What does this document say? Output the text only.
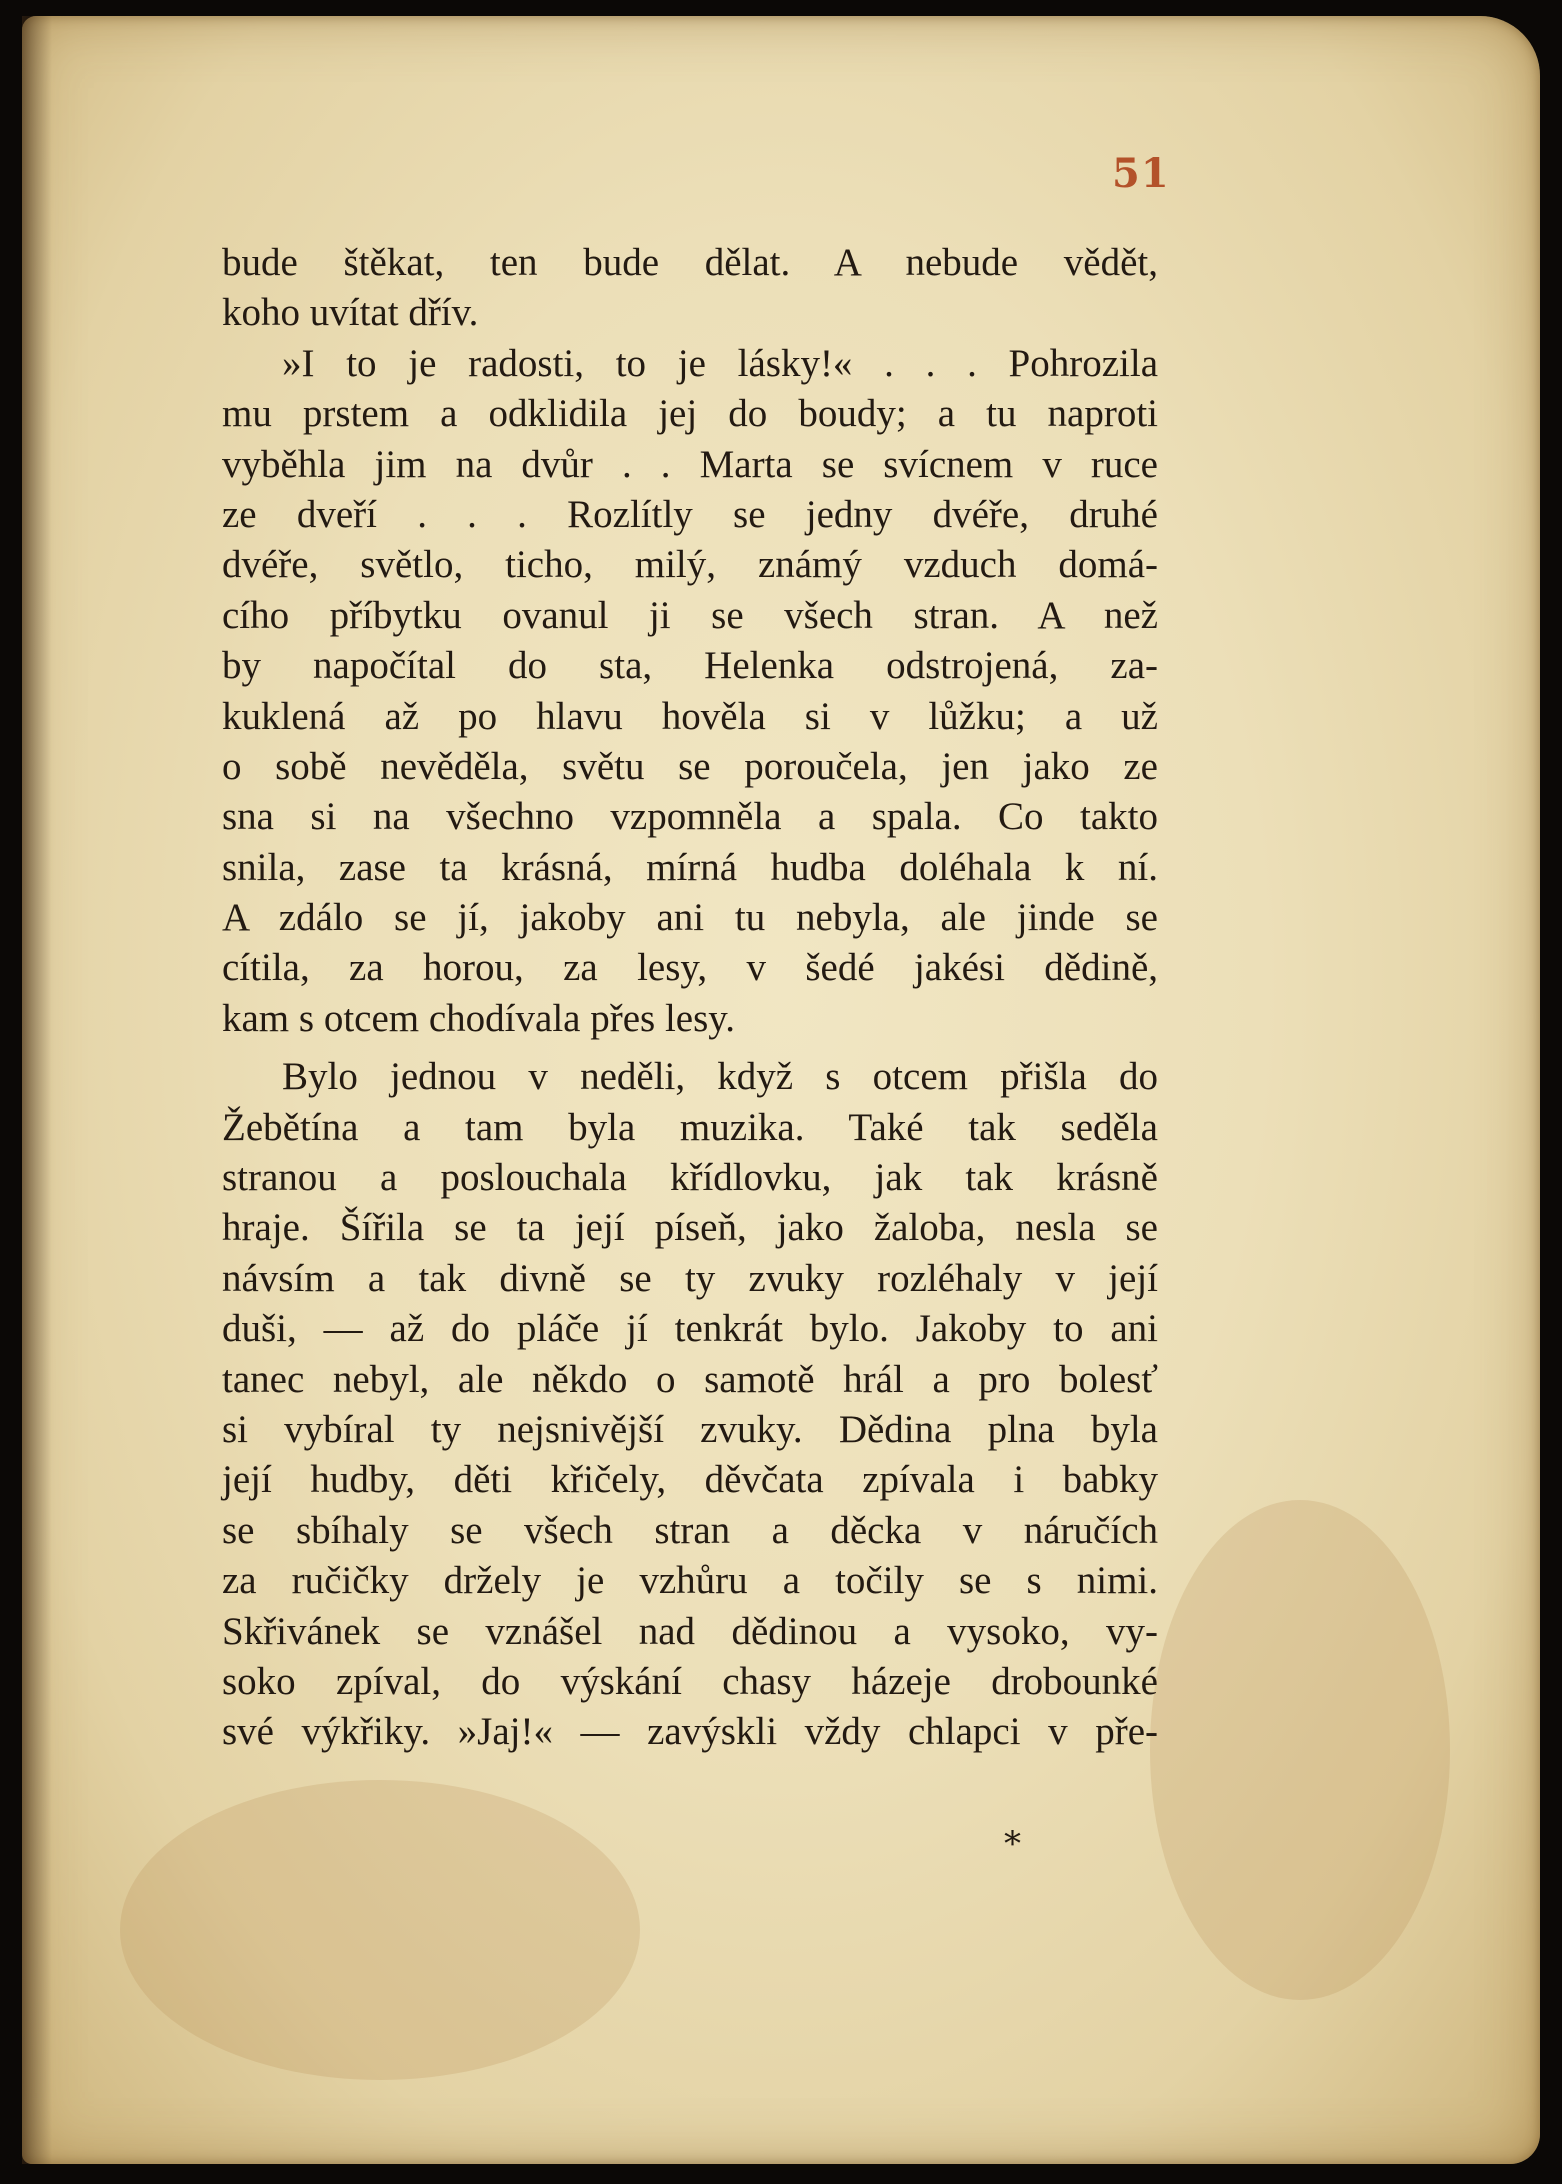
51
bude štěkat, ten bude dělat. A nebude vědět,
koho uvítat dřív.
»I to je radosti, to je lásky!« . . . Pohrozila
mu prstem a odklidila jej do boudy; a tu naproti
vyběhla jim na dvůr . . Marta se svícnem v ruce
ze dveří . . . Rozlítly se jedny dvéře, druhé
dvéře, světlo, ticho, milý, známý vzduch domá-
cího příbytku ovanul ji se všech stran. A než
by napočítal do sta, Helenka odstrojená, za-
kuklená až po hlavu hověla si v lůžku; a už
o sobě nevěděla, světu se poroučela, jen jako ze
sna si na všechno vzpomněla a spala. Co takto
snila, zase ta krásná, mírná hudba doléhala k ní.
A zdálo se jí, jakoby ani tu nebyla, ale jinde se
cítila, za horou, za lesy, v šedé jakési dědině,
kam s otcem chodívala přes lesy.
Bylo jednou v neděli, když s otcem přišla do
Žebětína a tam byla muzika. Také tak seděla
stranou a poslouchala křídlovku, jak tak krásně
hraje. Šířila se ta její píseň, jako žaloba, nesla se
návsím a tak divně se ty zvuky rozléhaly v její
duši, — až do pláče jí tenkrát bylo. Jakoby to ani
tanec nebyl, ale někdo o samotě hrál a pro bolesť
si vybíral ty nejsnivější zvuky. Dědina plna byla
její hudby, děti křičely, děvčata zpívala i babky
se sbíhaly se všech stran a děcka v náručích
za ručičky držely je vzhůru a točily se s nimi.
Skřivánek se vznášel nad dědinou a vysoko, vy-
soko zpíval, do výskání chasy házeje drobounké
své výkřiky. »Jaj!« — zavýskli vždy chlapci v pře-
*
